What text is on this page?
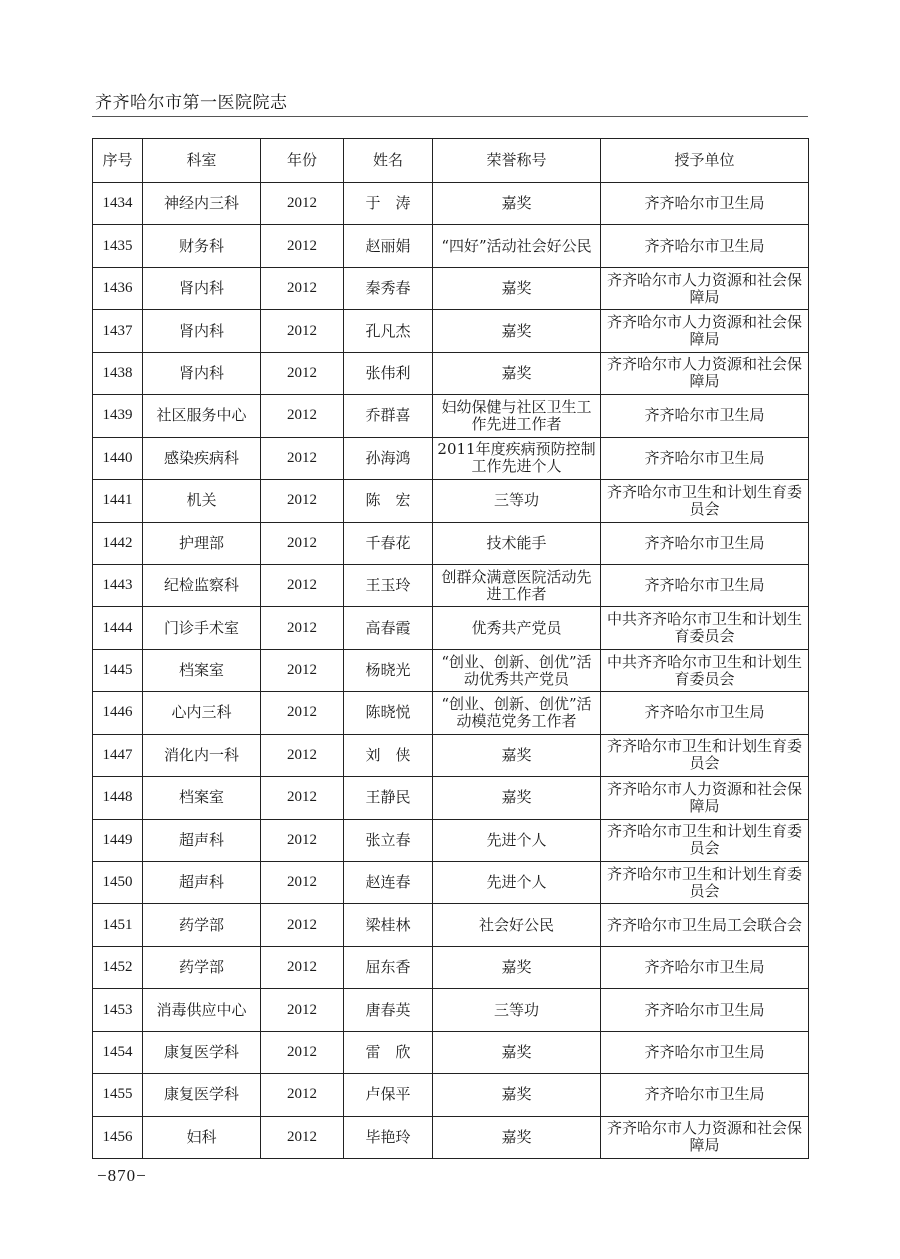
齐齐哈尔市第一医院院志
序号	科室	年份	姓名	荣誉称号	授予单位
1434	神经内三科	2012	于　涛	嘉奖	齐齐哈尔市卫生局
1435	财务科	2012	赵丽娟	“四好”活动社会好公民	齐齐哈尔市卫生局
1436	肾内科	2012	秦秀春	嘉奖	齐齐哈尔市人力资源和社会保障局
1437	肾内科	2012	孔凡杰	嘉奖	齐齐哈尔市人力资源和社会保障局
1438	肾内科	2012	张伟利	嘉奖	齐齐哈尔市人力资源和社会保障局
1439	社区服务中心	2012	乔群喜	妇幼保健与社区卫生工作先进工作者	齐齐哈尔市卫生局
1440	感染疾病科	2012	孙海鸿	2011年度疾病预防控制工作先进个人	齐齐哈尔市卫生局
1441	机关	2012	陈　宏	三等功	齐齐哈尔市卫生和计划生育委员会
1442	护理部	2012	千春花	技术能手	齐齐哈尔市卫生局
1443	纪检监察科	2012	王玉玲	创群众满意医院活动先进工作者	齐齐哈尔市卫生局
1444	门诊手术室	2012	高春霞	优秀共产党员	中共齐齐哈尔市卫生和计划生育委员会
1445	档案室	2012	杨晓光	“创业、创新、创优”活动优秀共产党员	中共齐齐哈尔市卫生和计划生育委员会
1446	心内三科	2012	陈晓悦	“创业、创新、创优”活动模范党务工作者	齐齐哈尔市卫生局
1447	消化内一科	2012	刘　侠	嘉奖	齐齐哈尔市卫生和计划生育委员会
1448	档案室	2012	王静民	嘉奖	齐齐哈尔市人力资源和社会保障局
1449	超声科	2012	张立春	先进个人	齐齐哈尔市卫生和计划生育委员会
1450	超声科	2012	赵连春	先进个人	齐齐哈尔市卫生和计划生育委员会
1451	药学部	2012	梁桂林	社会好公民	齐齐哈尔市卫生局工会联合会
1452	药学部	2012	屈东香	嘉奖	齐齐哈尔市卫生局
1453	消毒供应中心	2012	唐春英	三等功	齐齐哈尔市卫生局
1454	康复医学科	2012	雷　欣	嘉奖	齐齐哈尔市卫生局
1455	康复医学科	2012	卢保平	嘉奖	齐齐哈尔市卫生局
1456	妇科	2012	毕艳玲	嘉奖	齐齐哈尔市人力资源和社会保障局
−870−
